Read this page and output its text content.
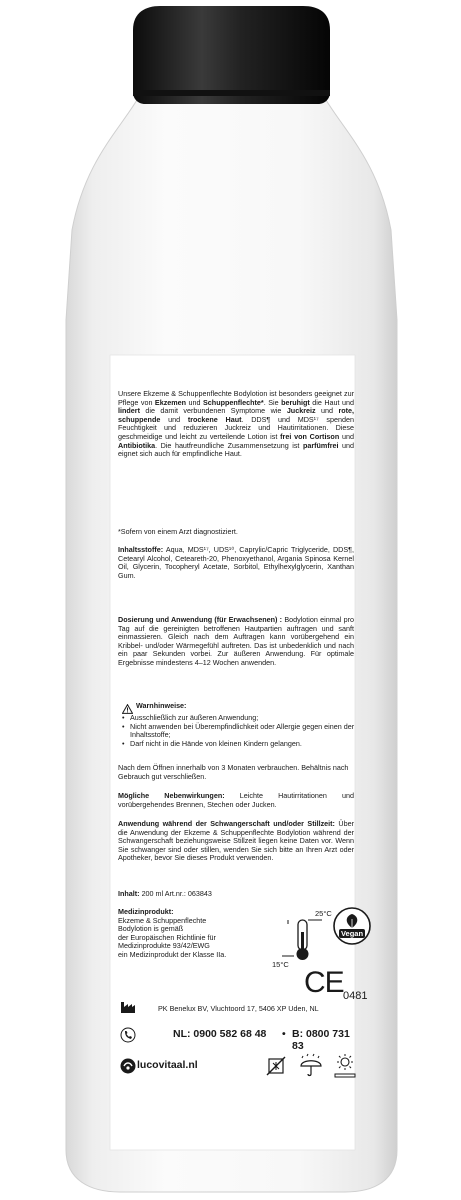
Unsere Ekzeme & Schuppenflechte Bodylotion ist besonders geeignet zur Pflege von Ekzemen und Schuppenflechte*. Sie beruhigt die Haut und lindert die damit verbundenen Symptome wie Juckreiz und rote, schuppende und trockene Haut. DDS¶ und MDS¹⁷ spenden Feuchtigkeit und reduzieren Juckreiz und Hautirritationen. Diese geschmeidige und leicht zu verteilende Lotion ist frei von Cortison und Antibiotika. Die hautfreundliche Zusammensetzung ist parfümfrei und eignet sich auch für empfindliche Haut.

*Sofern von einem Arzt diagnostiziert.

Inhaltsstoffe: Aqua, MDS¹⁷, UDS¹⁰, Caprylic/Capric Triglyceride, DDS¶, Cetearyl Alcohol, Ceteareth-20, Phenoxyethanol, Argania Spinosa Kernel Oil, Glycerin, Tocopheryl Acetate, Sorbitol, Ethylhexylglycerin, Xanthan Gum.

Dosierung und Anwendung (für Erwachsenen) : Bodylotion einmal pro Tag auf die gereinigten betroffenen Hautpartien auftragen und sanft einmassieren. Gleich nach dem Auftragen kann vorübergehend ein Kribbel- und/oder Wärmegefühl auftreten. Das ist unbedenklich und nach ein paar Sekunden vorbei. Zur äußeren Anwendung. Für optimale Ergebnisse mindestens 4–12 Wochen anwenden.

Warnhinweise:

• Ausschließlich zur äußeren Anwendung;
• Nicht anwenden bei Überempfindlichkeit oder Allergie gegen einen der Inhaltsstoffe;
• Darf nicht in die Hände von kleinen Kindern gelangen.

Nach dem Öffnen innerhalb von 3 Monaten verbrauchen. Behältnis nach Gebrauch gut verschließen.

Mögliche Nebenwirkungen: Leichte Hautirritationen und vorübergehendes Brennen, Stechen oder Jucken.

Anwendung während der Schwangerschaft und/oder Stillzeit: Über die Anwendung der Ekzeme & Schuppenflechte Bodylotion während der Schwangerschaft beziehungsweise Stillzeit liegen keine Daten vor. Wenn Sie schwanger sind oder stillen, wenden Sie sich bitte an Ihren Arzt oder Apotheker, bevor Sie dieses Produkt verwenden.

Inhalt: 200 ml Art.nr.: 063843

Medizinprodukt:
Ekzeme & Schuppenflechte
Bodylotion is gemäß
der Europäischen Richtlinie für
Medizinprodukte 93/42/EWG
ein Medizinprodukt der Klasse IIa.

25°C
15°C
Vegan
CE 0481

PK Benelux BV, Vluchtoord 17, 5406 XP Uden, NL

NL: 0900 582 68 48 • B: 0800 731 83
lucovitaal.nl
